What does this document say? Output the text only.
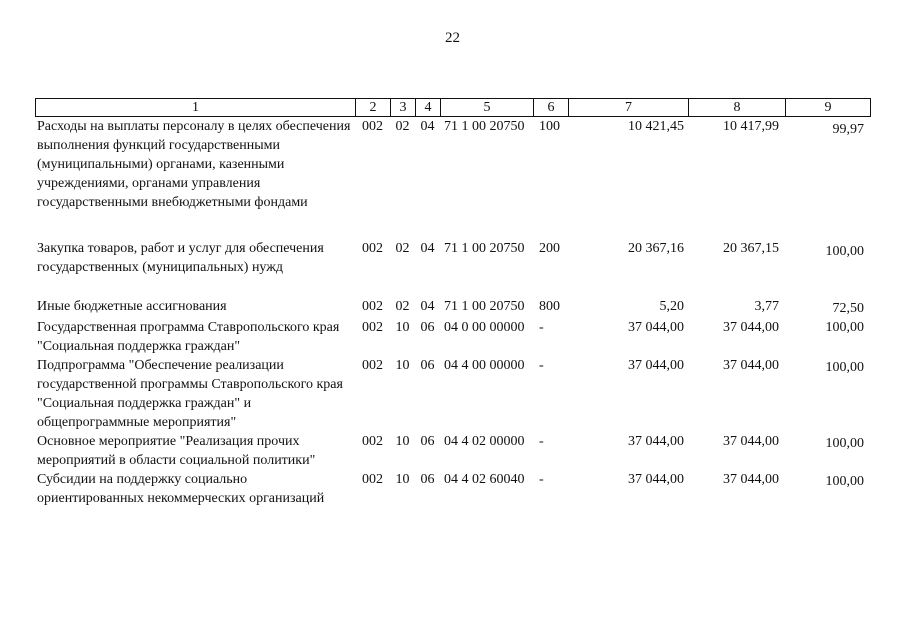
22
1	2	3	4	5	6	7	8	9
Расходы на выплаты персоналу в целях обеспечения выполнения функций государственными (муниципальными) органами, казенными учреждениями, органами управления государственными внебюджетными фондами	002	02	04	71 1 00 20750	100	10 421,45	10 417,99	99,97
Закупка товаров, работ и услуг для обеспечения государственных (муниципальных) нужд	002	02	04	71 1 00 20750	200	20 367,16	20 367,15	100,00
Иные бюджетные ассигнования	002	02	04	71 1 00 20750	800	5,20	3,77	72,50
Государственная программа Ставропольского края "Социальная поддержка граждан"	002	10	06	04 0 00 00000	-	37 044,00	37 044,00	100,00
Подпрограмма "Обеспечение реализации государственной программы Ставропольского края "Социальная поддержка граждан" и общепрограммные мероприятия"	002	10	06	04 4 00 00000	-	37 044,00	37 044,00	100,00
Основное мероприятие "Реализация прочих мероприятий в области социальной политики"	002	10	06	04 4 02 00000	-	37 044,00	37 044,00	100,00
Субсидии на поддержку социально ориентированных некоммерческих организаций	002	10	06	04 4 02 60040	-	37 044,00	37 044,00	100,00
